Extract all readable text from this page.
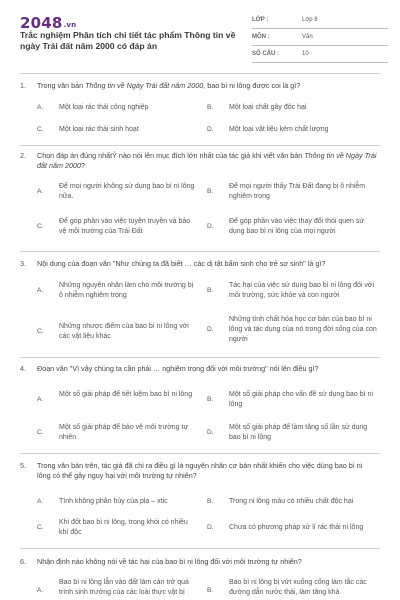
2048.vn
Trắc nghiệm Phân tích chi tiết tác phẩm Thông tin về ngày Trái đất năm 2000 có đáp án
LỚP :	Lớp 8
MÔN :	Văn
SỐ CÂU :	10
1. Trong văn bản Thông tin về Ngày Trái đất năm 2000, bao bì ni lông được coi là gì?
A. Một loại rác thải công nghiệp	B. Một loại chất gây độc hại
C. Một loại rác thải sinh hoạt	D. Một loại vật liệu kém chất lượng
2. Chọn đáp án đúng nhấtỶ nào nói lên mục đích lớn nhất của tác giả khi viết văn bản Thông tin về Ngày Trái đất năm 2000?
A.
Để mọi người không sử dụng bao bì ni lông nữa.
B.
Để mọi người thấy Trái Đất đang bị ô nhiễm nghiêm trọng
C.
Để góp phần vào việc tuyên truyền và bảo vệ môi trường của Trái Đất
D.
Để góp phần vào việc thay đổi thói quen sử dụng bao bì ni lông của mọi người
3. Nội dung của đoạn văn "Như chúng ta đã biết … các dị tật bẩm sinh cho trẻ sơ sinh" là gì?
A.
Những nguyên nhân làm cho môi trường bị ô nhiễm nghiêm trọng
B.
Tác hại của việc sử dụng bao bì ni lông đối với môi trường, sức khỏe và con người
C.
Những nhược điểm của bao bì ni lông với các vật liệu khác
D.
Những tính chất hóa học cơ bản của bao bì ni lông và tác dụng của nó trong đời sống của con người
4. Đoạn văn "Vì vậy chúng ta cần phải … nghiêm trọng đối với môi trường" nói lên điều gì?
A.
Một số giải pháp để tiết kiệm bao bì ni lông
B.
Một số giải pháp cho vấn đề sử dụng bao bì ni lông
C.
Một số giải pháp để bảo vệ môi trường tự nhiên
D.
Một số giải pháp để làm tăng số lần sử dụng bao bì ni lông
5. Trong văn bản trên, tác giả đã chỉ ra điều gì là nguyên nhân cơ bản nhất khiến cho việc dùng bao bì ni lông có thể gây nguy hại với môi trường tự nhiên?
A. Tính không phân hủy của pla – xtic	B. Trong ni lông màu có nhiều chất độc hại
C.
Khi đốt bao bì ni lông, trong khói có nhiều khí độc
D. Chưa có phương pháp xử lí rác thải ni lông
6. Nhận định nào không nói về tác hại của bao bì ni lông đối với môi trường tự nhiên?
A.
Bao bì ni lông lẫn vào đất làm cản trở quá trình sinh trưởng của các loài thực vật bị	B.
Bao bì ni lông bị vứt xuống cống làm tắc các đường dẫn nước thải, làm tăng khả
